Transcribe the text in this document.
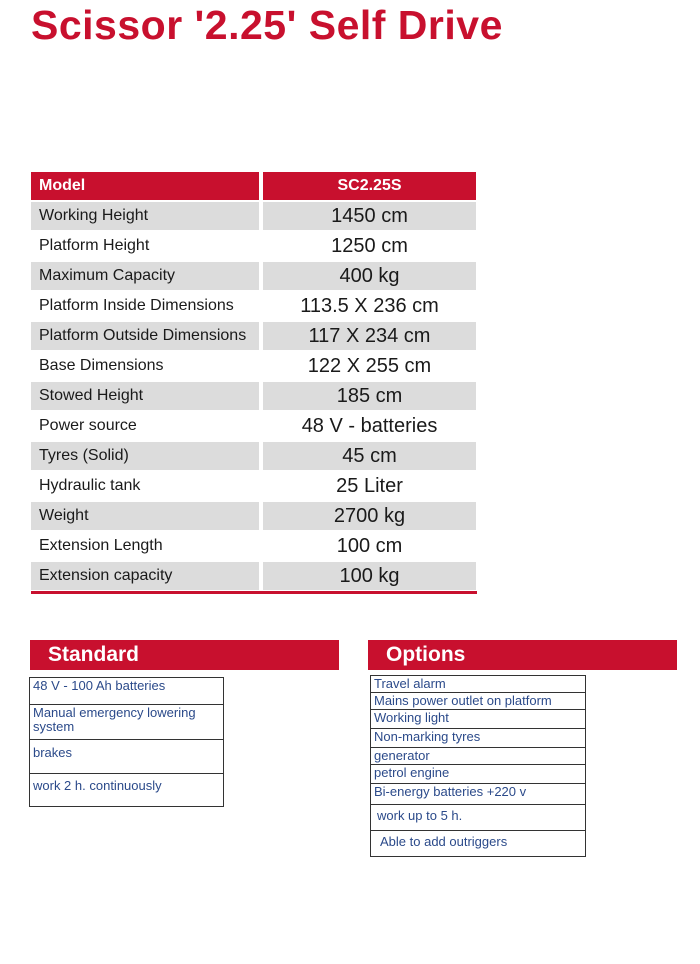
Scissor '2.25' Self Drive
Model	SC2.25S
Working Height	1450 cm
Platform Height	1250 cm
Maximum Capacity	400 kg
Platform Inside Dimensions	113.5 X 236 cm
Platform Outside Dimensions	117 X 234 cm
Base Dimensions	122 X 255 cm
Stowed Height	185 cm
Power source	48 V - batteries
Tyres (Solid)	45 cm
Hydraulic tank	25 Liter
Weight	2700 kg
Extension Length	100 cm
Extension capacity	100 kg
Standard	Options
48 V - 100 Ah batteries
Manual emergency lowering system
brakes
work 2 h. continuously
Travel alarm
Mains power outlet on platform
Working light
Non-marking tyres
generator
petrol engine
Bi-energy batteries +220 v
work up to 5 h.
Able to add outriggers
